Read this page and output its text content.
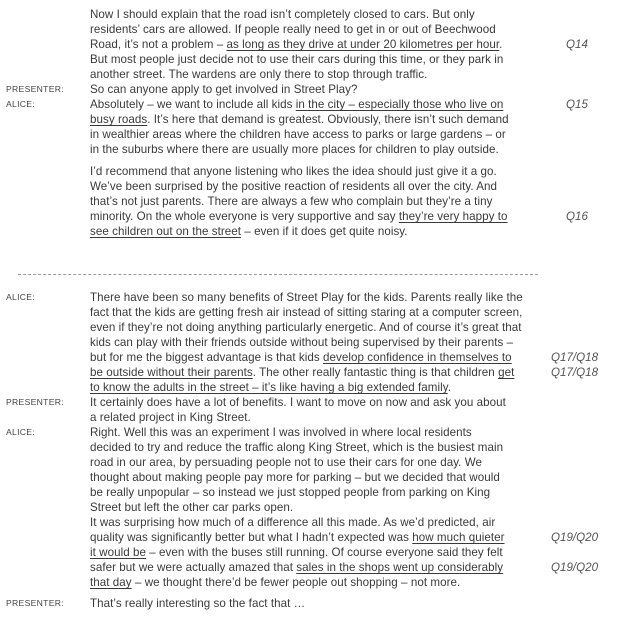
Now I should explain that the road isn’t completely closed to cars. But only
residents’ cars are allowed. If people really need to get in or out of Beechwood
Road, it’s not a problem – as long as they drive at under 20 kilometres per hour.	Q14
But most people just decide not to use their cars during this time, or they park in
another street. The wardens are only there to stop through traffic.
PRESENTER: So can anyone apply to get involved in Street Play?
ALICE:	Absolutely – we want to include all kids in the city – especially those who live on	Q15
busy roads. It’s here that demand is greatest. Obviously, there isn’t such demand
in wealthier areas where the children have access to parks or large gardens – or
in the suburbs where there are usually more places for children to play outside.
I’d recommend that anyone listening who likes the idea should just give it a go.
We’ve been surprised by the positive reaction of residents all over the city. And
that’s not just parents. There are always a few who complain but they’re a tiny
minority. On the whole everyone is very supportive and say they’re very happy to	Q16
see children out on the street – even if it does get quite noisy.
ALICE:	There have been so many benefits of Street Play for the kids. Parents really like the
fact that the kids are getting fresh air instead of sitting staring at a computer screen,
even if they’re not doing anything particularly energetic. And of course it’s great that
kids can play with their friends outside without being supervised by their parents –
but for me the biggest advantage is that kids develop confidence in themselves to	Q17/Q18
be outside without their parents. The other really fantastic thing is that children get	Q17/Q18
to know the adults in the street – it’s like having a big extended family.
PRESENTER: It certainly does have a lot of benefits. I want to move on now and ask you about
a related project in King Street.
ALICE:	Right. Well this was an experiment I was involved in where local residents
decided to try and reduce the traffic along King Street, which is the busiest main
road in our area, by persuading people not to use their cars for one day. We
thought about making people pay more for parking – but we decided that would
be really unpopular – so instead we just stopped people from parking on King
Street but left the other car parks open.
It was surprising how much of a difference all this made. As we’d predicted, air
quality was significantly better but what I hadn’t expected was how much quieter	Q19/Q20
it would be – even with the buses still running. Of course everyone said they felt
safer but we were actually amazed that sales in the shops went up considerably	Q19/Q20
that day – we thought there’d be fewer people out shopping – not more.
PRESENTER: That’s really interesting so the fact that …
